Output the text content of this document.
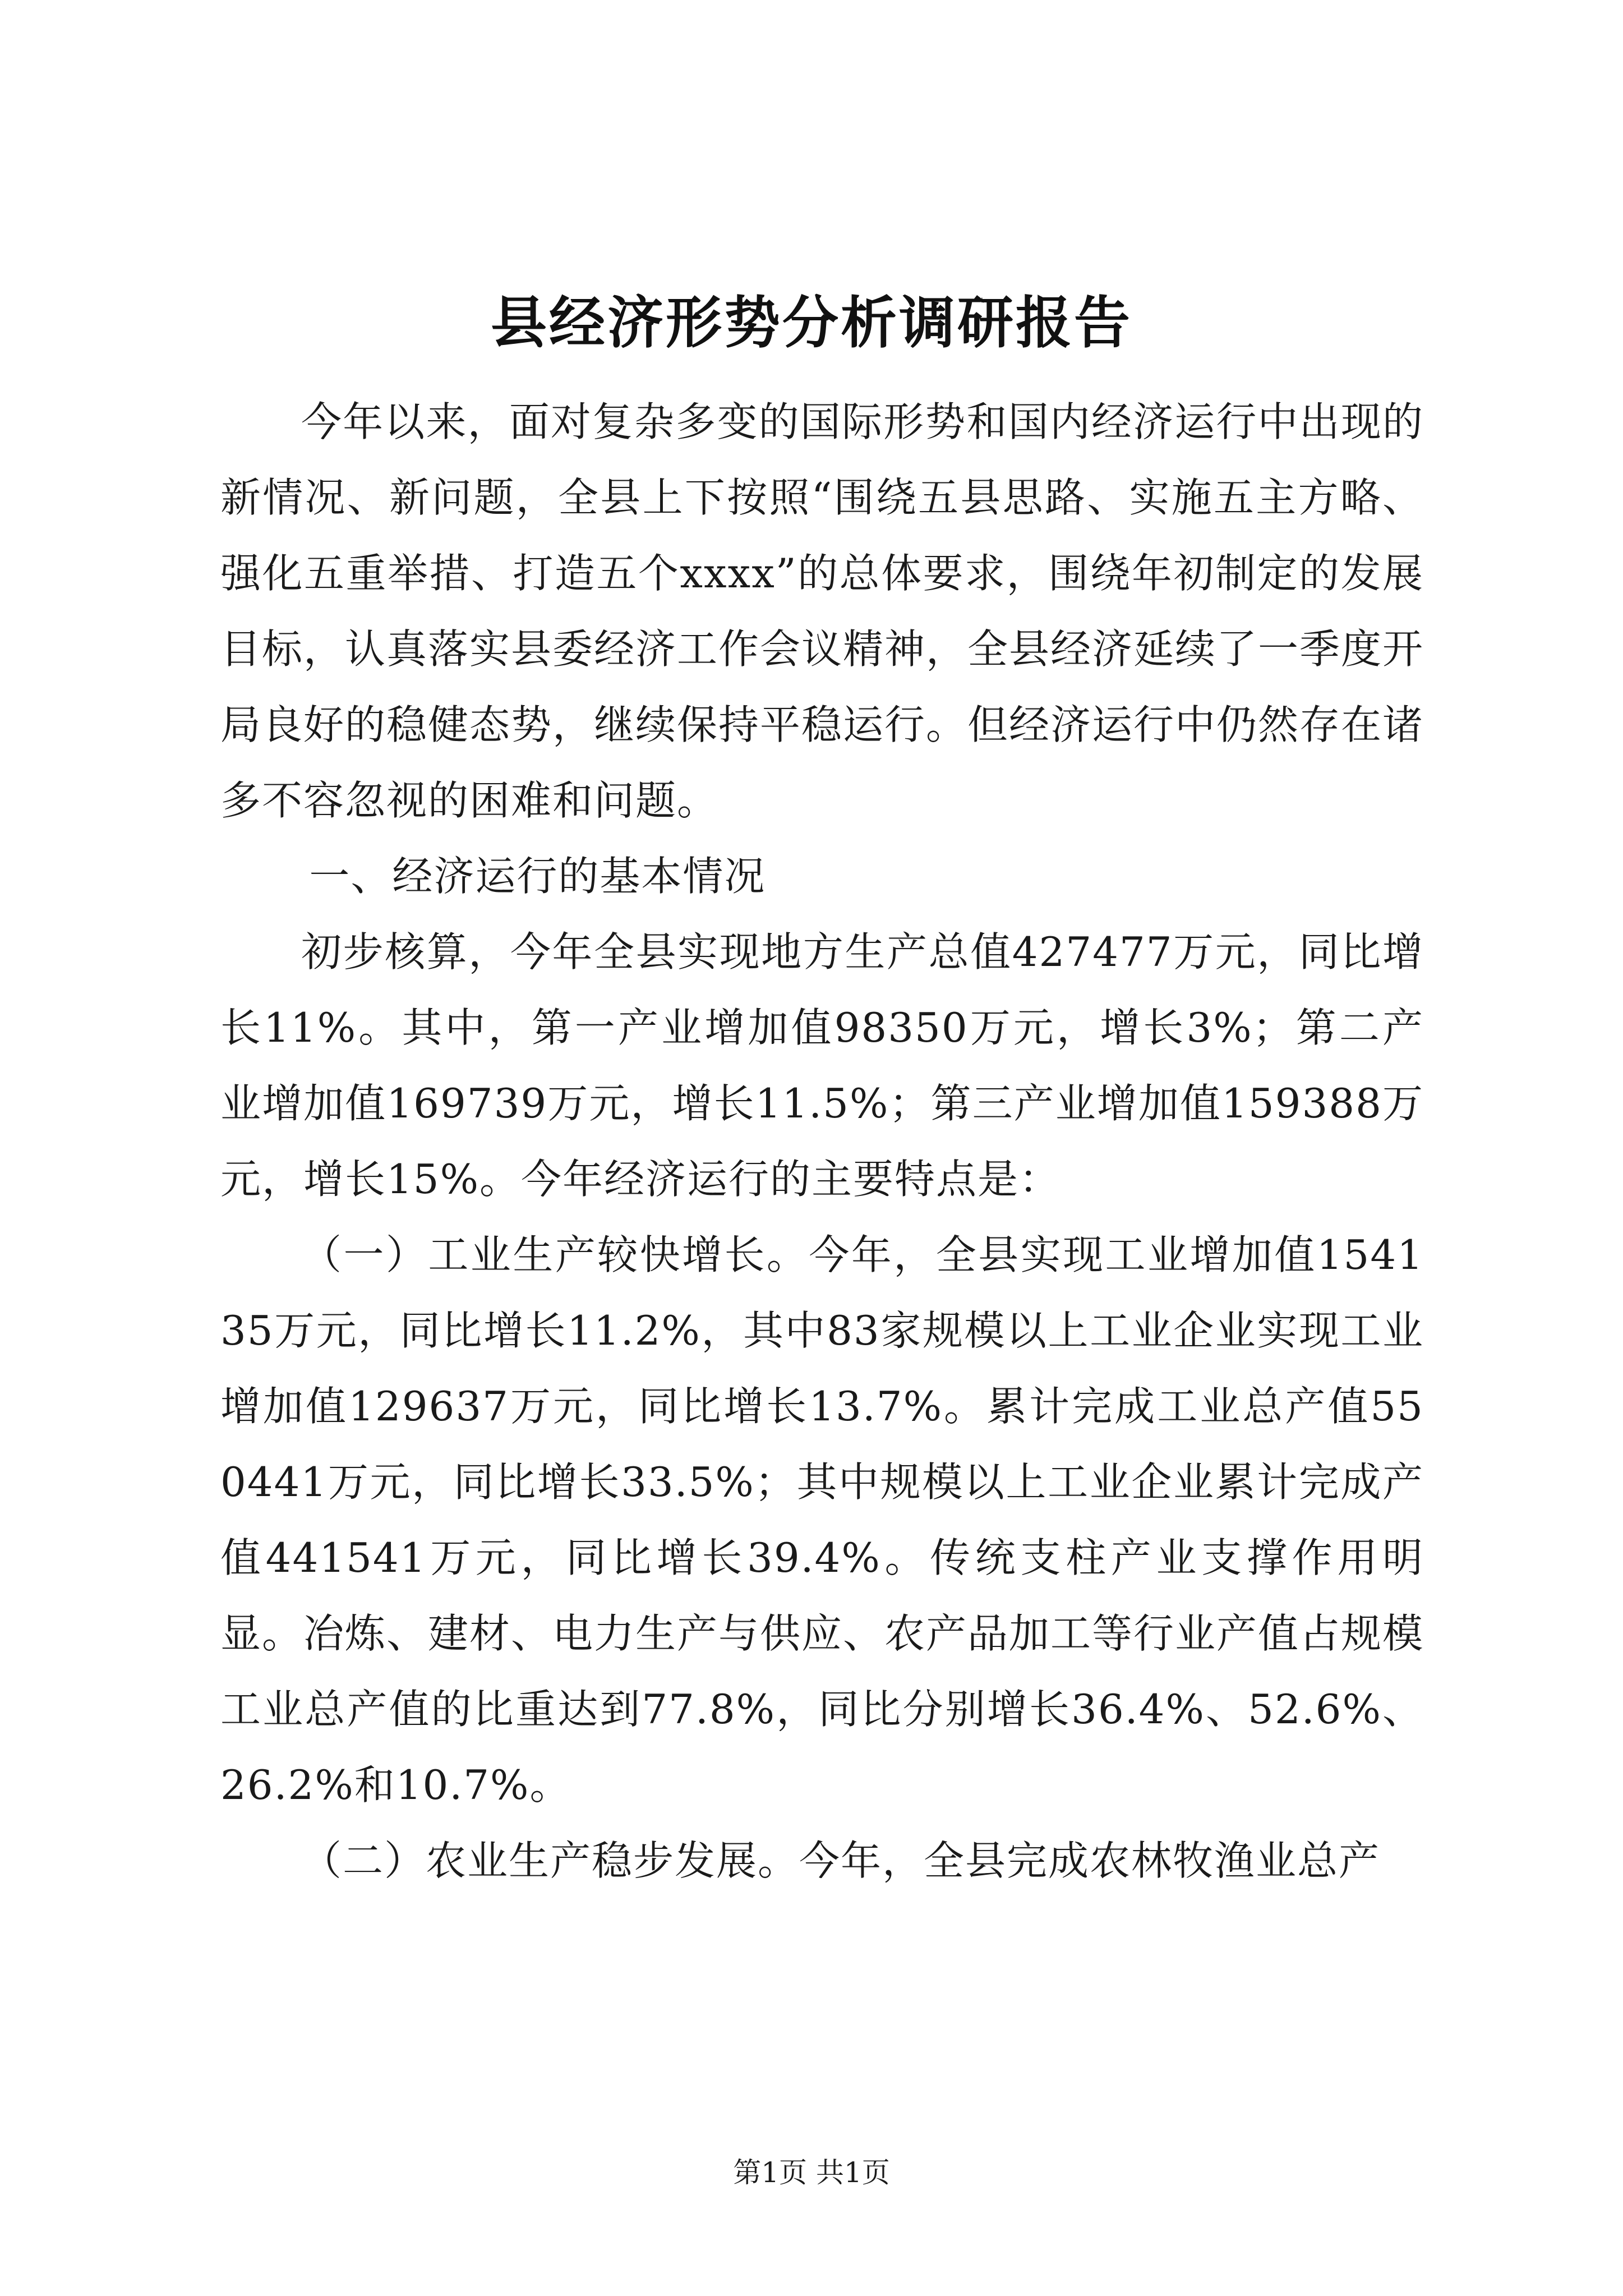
县经济形势分析调研报告

今年以来，面对复杂多变的国际形势和国内经济运行中出现的新情况、新问题，全县上下按照“围绕五县思路、实施五主方略、强化五重举措、打造五个xxxx”的总体要求，围绕年初制定的发展目标，认真落实县委经济工作会议精神，全县经济延续了一季度开局良好的稳健态势，继续保持平稳运行。但经济运行中仍然存在诸多不容忽视的困难和问题。

一、经济运行的基本情况

初步核算，今年全县实现地方生产总值427477万元，同比增长11%。其中，第一产业增加值98350万元，增长3%；第二产业增加值169739万元，增长11.5%；第三产业增加值159388万元，增长15%。今年经济运行的主要特点是：

（一）工业生产较快增长。今年，全县实现工业增加值154135万元，同比增长11.2%，其中83家规模以上工业企业实现工业增加值129637万元，同比增长13.7%。累计完成工业总产值550441万元，同比增长33.5%；其中规模以上工业企业累计完成产值441541万元，同比增长39.4%。传统支柱产业支撑作用明显。冶炼、建材、电力生产与供应、农产品加工等行业产值占规模工业总产值的比重达到77.8%，同比分别增长36.4%、52.6%、26.2%和10.7%。

（二）农业生产稳步发展。今年，全县完成农林牧渔业总产

第1页 共1页
